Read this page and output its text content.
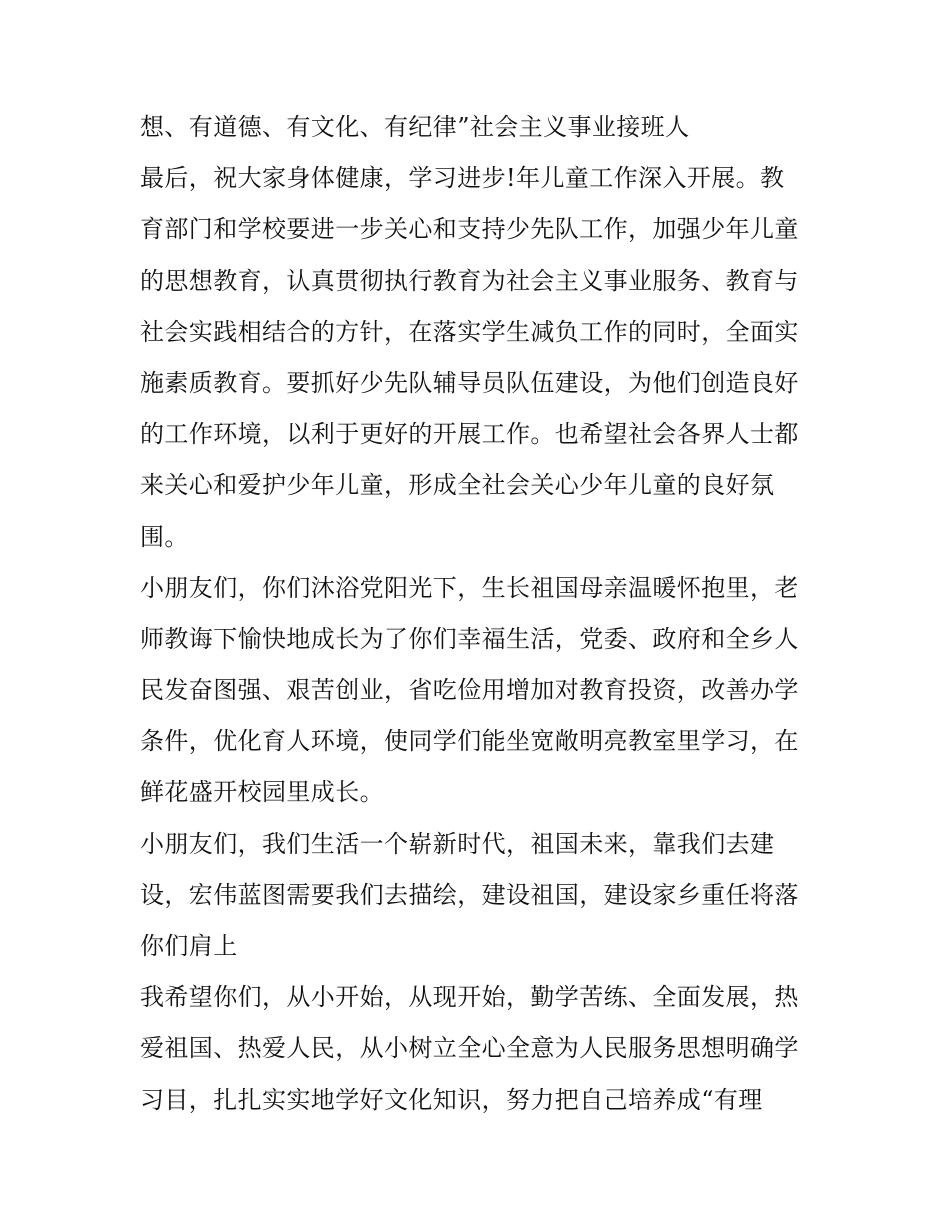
想、有道德、有文化、有纪律”社会主义事业接班人
最后，祝大家身体健康，学习进步!年儿童工作深入开展。教
育部门和学校要进一步关心和支持少先队工作，加强少年儿童
的思想教育，认真贯彻执行教育为社会主义事业服务、教育与
社会实践相结合的方针，在落实学生减负工作的同时，全面实
施素质教育。要抓好少先队辅导员队伍建设，为他们创造良好
的工作环境，以利于更好的开展工作。也希望社会各界人士都
来关心和爱护少年儿童，形成全社会关心少年儿童的良好氛
围。
小朋友们，你们沐浴党阳光下，生长祖国母亲温暖怀抱里，老
师教诲下愉快地成长为了你们幸福生活，党委、政府和全乡人
民发奋图强、艰苦创业，省吃俭用增加对教育投资，改善办学
条件，优化育人环境，使同学们能坐宽敞明亮教室里学习，在
鲜花盛开校园里成长。
小朋友们，我们生活一个崭新时代，祖国未来，靠我们去建
设，宏伟蓝图需要我们去描绘，建设祖国，建设家乡重任将落
你们肩上
我希望你们，从小开始，从现开始，勤学苦练、全面发展，热
爱祖国、热爱人民，从小树立全心全意为人民服务思想明确学
习目，扎扎实实地学好文化知识，努力把自己培养成“有理
